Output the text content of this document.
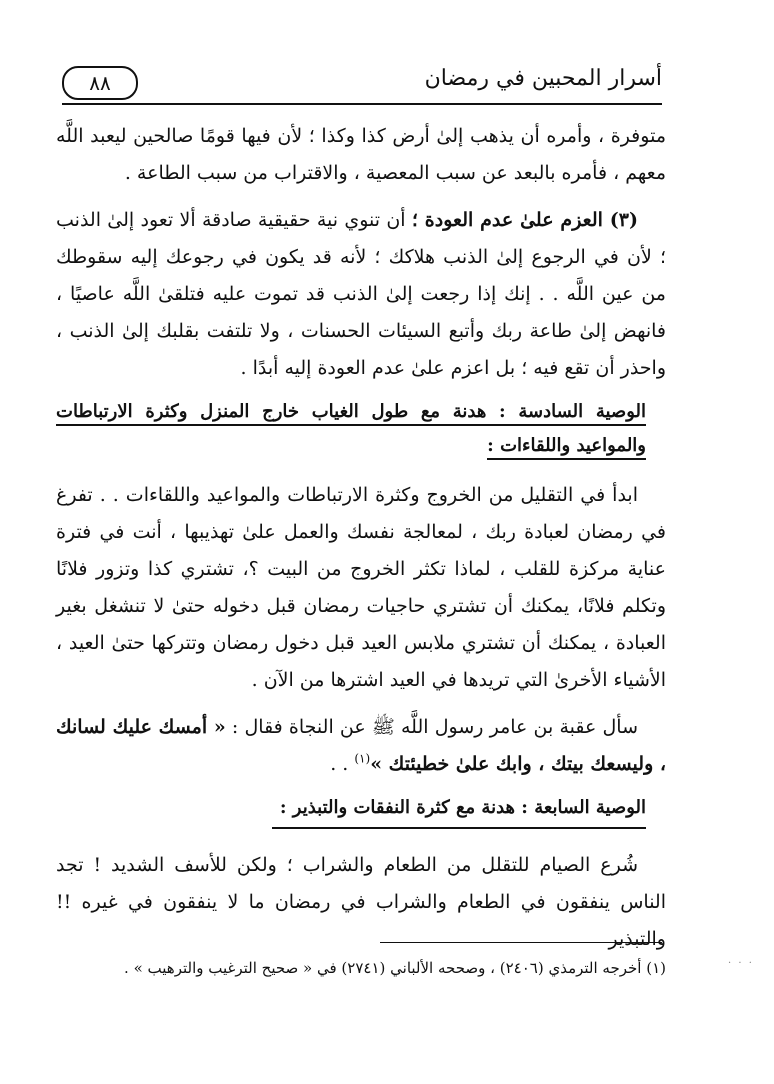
٨٨	أسرار المحبين في رمضان

متوفرة ، وأمره أن يذهب إلىٰ أرض كذا وكذا ؛ لأن فيها قومًا صالحين ليعبد اللَّه معهم ، فأمره بالبعد عن سبب المعصية ، والاقتراب من سبب الطاعة .

(٣) العزم علىٰ عدم العودة ؛ أن تنوي نية حقيقية صادقة ألا تعود إلىٰ الذنب ؛ لأن في الرجوع إلىٰ الذنب هلاكك ؛ لأنه قد يكون في رجوعك إليه سقوطك من عين اللَّه . . إنك إذا رجعت إلىٰ الذنب قد تموت عليه فتلقىٰ اللَّه عاصيًا ، فانهض إلىٰ طاعة ربك وأتبع السيئات الحسنات ، ولا تلتفت بقلبك إلىٰ الذنب ، واحذر أن تقع فيه ؛ بل اعزم علىٰ عدم العودة إليه أبدًا .

الوصية السادسة : هدنة مع طول الغياب خارج المنزل وكثرة الارتباطات والمواعيد واللقاءات :

ابدأ في التقليل من الخروج وكثرة الارتباطات والمواعيد واللقاءات . . تفرغ في رمضان لعبادة ربك ، لمعالجة نفسك والعمل علىٰ تهذيبها ، أنت في فترة عناية مركزة للقلب ، لماذا تكثر الخروج من البيت ؟، تشتري كذا وتزور فلانًا وتكلم فلانًا، يمكنك أن تشتري حاجيات رمضان قبل دخوله حتىٰ لا تنشغل بغير العبادة ، يمكنك أن تشتري ملابس العيد قبل دخول رمضان وتتركها حتىٰ العيد ، الأشياء الأخرىٰ التي تريدها في العيد اشترها من الآن .

سأل عقبة بن عامر رسول اللَّه ﷺ عن النجاة فقال : « أمسك عليك لسانك ، وليسعك بيتك ، وابك علىٰ خطيئتك »$^{(١)}$ . .

الوصية السابعة : هدنة مع كثرة النفقات والتبذير :

شُرع الصيام للتقلل من الطعام والشراب ؛ ولكن للأسف الشديد ! تجد الناس ينفقون في الطعام والشراب في رمضان ما لا ينفقون في غيره !! والتبذير

(١) أخرجه الترمذي (٢٤٠٦) ، وصححه الألباني (٢٧٤١) في « صحيح الترغيب والترهيب » .	· · ·
